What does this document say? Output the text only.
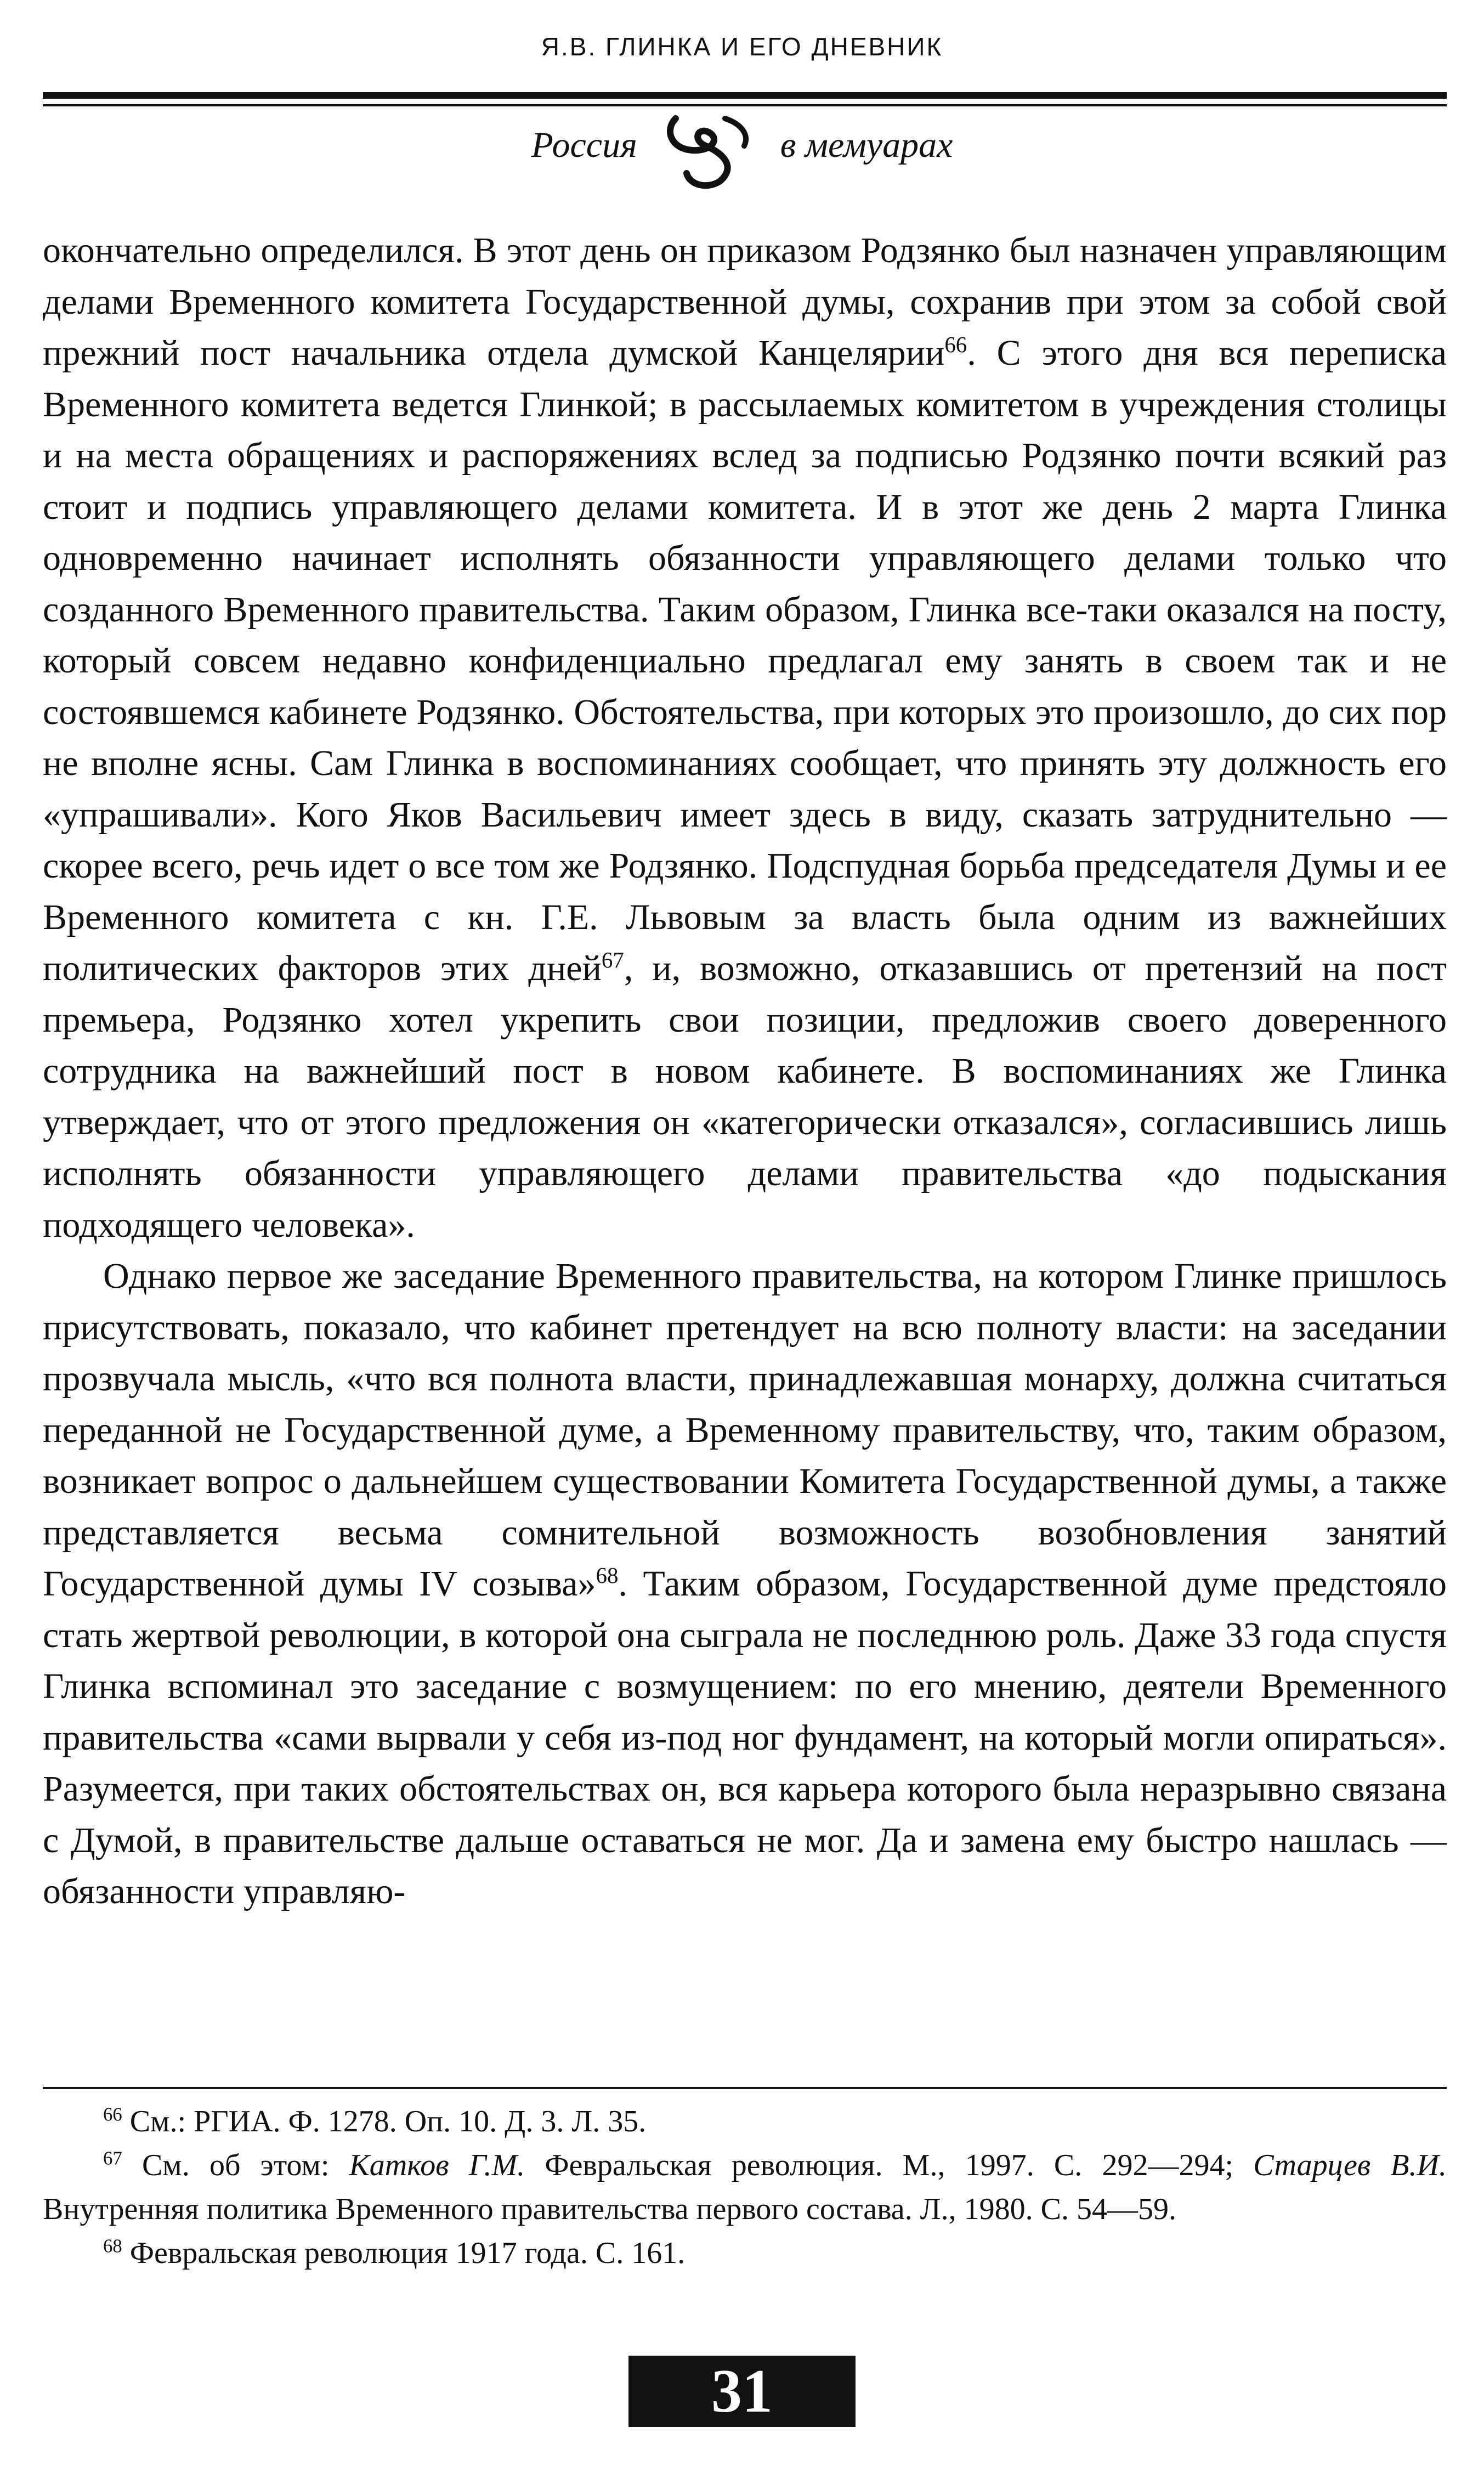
Я.В. ГЛИНКА И ЕГО ДНЕВНИК
Россия	в мемуарах

окончательно определился. В этот день он приказом Родзянко был назначен управляющим делами Временного комитета Государственной думы, сохранив при этом за собой свой прежний пост начальника отдела думской Канцелярии$^{66}$. С этого дня вся переписка Временного комитета ведется Глинкой; в рассылаемых комитетом в учреждения столицы и на места обращениях и распоряжениях вслед за подписью Родзянко почти всякий раз стоит и подпись управляющего делами комитета. И в этот же день 2 марта Глинка одновременно начинает исполнять обязанности управляющего делами только что созданного Временного правительства. Таким образом, Глинка все-таки оказался на посту, который совсем недавно конфиденциально предлагал ему занять в своем так и не состоявшемся кабинете Родзянко. Обстоятельства, при которых это произошло, до сих пор не вполне ясны. Сам Глинка в воспоминаниях сообщает, что принять эту должность его «упрашивали». Кого Яков Васильевич имеет здесь в виду, сказать затруднительно — скорее всего, речь идет о все том же Родзянко. Подспудная борьба председателя Думы и ее Временного комитета с кн. Г.Е. Львовым за власть была одним из важнейших политических факторов этих дней$^{67}$, и, возможно, отказавшись от претензий на пост премьера, Родзянко хотел укрепить свои позиции, предложив своего доверенного сотрудника на важнейший пост в новом кабинете. В воспоминаниях же Глинка утверждает, что от этого предложения он «категорически отказался», согласившись лишь исполнять обязанности управляющего делами правительства «до подыскания подходящего человека».

Однако первое же заседание Временного правительства, на котором Глинке пришлось присутствовать, показало, что кабинет претендует на всю полноту власти: на заседании прозвучала мысль, «что вся полнота власти, принадлежавшая монарху, должна считаться переданной не Государственной думе, а Временному правительству, что, таким образом, возникает вопрос о дальнейшем существовании Комитета Государственной думы, а также представляется весьма сомнительной возможность возобновления занятий Государственной думы IV созыва»$^{68}$. Таким образом, Государственной думе предстояло стать жертвой революции, в которой она сыграла не последнюю роль. Даже 33 года спустя Глинка вспоминал это заседание с возмущением: по его мнению, деятели Временного правительства «сами вырвали у себя из-под ног фундамент, на который могли опираться». Разумеется, при таких обстоятельствах он, вся карьера которого была неразрывно связана с Думой, в правительстве дальше оставаться не мог. Да и замена ему быстро нашлась — обязанности управляю-

$^{66}$ См.: РГИА. Ф. 1278. Оп. 10. Д. 3. Л. 35.

$^{67}$ См. об этом: Катков Г.М. Февральская революция. М., 1997. С. 292—294; Старцев В.И. Внутренняя политика Временного правительства первого состава. Л., 1980. С. 54—59.

$^{68}$ Февральская революция 1917 года. С. 161.

31
